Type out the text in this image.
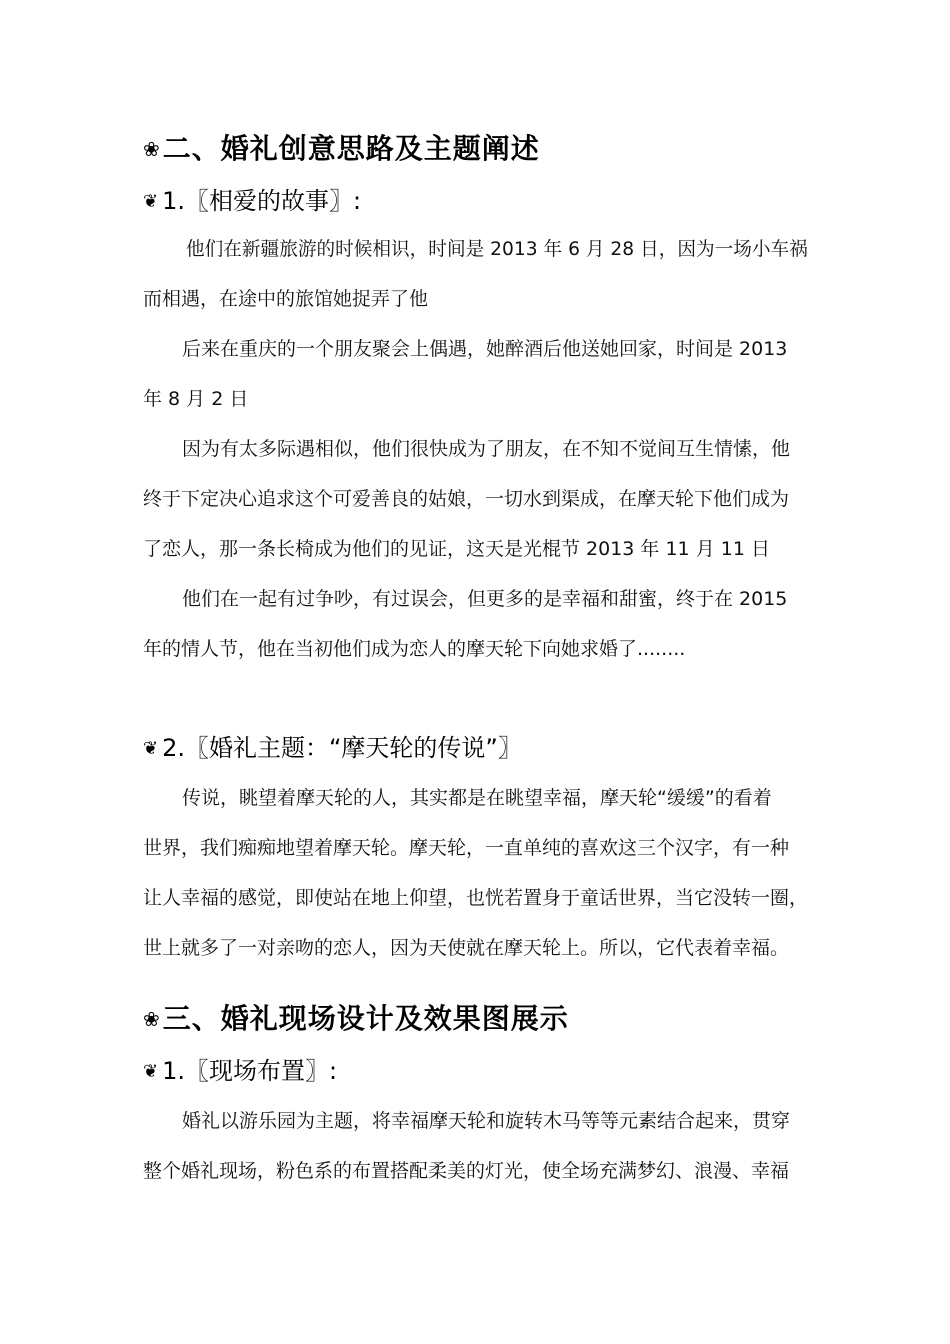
❀二、婚礼创意思路及主题阐述
❦ 1.〖相爱的故事〗:
他们在新疆旅游的时候相识，时间是 2013 年 6 月 28 日，因为一场小车祸
而相遇，在途中的旅馆她捉弄了他
后来在重庆的一个朋友聚会上偶遇，她醉酒后他送她回家，时间是 2013
年 8 月 2 日
因为有太多际遇相似，他们很快成为了朋友，在不知不觉间互生情愫，他
终于下定决心追求这个可爱善良的姑娘，一切水到渠成，在摩天轮下他们成为
了恋人，那一条长椅成为他们的见证，这天是光棍节 2013 年 11 月 11 日
他们在一起有过争吵，有过误会，但更多的是幸福和甜蜜，终于在 2015
年的情人节，他在当初他们成为恋人的摩天轮下向她求婚了........
❦ 2.〖婚礼主题：“摩天轮的传说”〗
传说，眺望着摩天轮的人，其实都是在眺望幸福，摩天轮“缓缓”的看着
世界，我们痴痴地望着摩天轮。摩天轮，一直单纯的喜欢这三个汉字，有一种
让人幸福的感觉，即使站在地上仰望，也恍若置身于童话世界，当它没转一圈，
世上就多了一对亲吻的恋人，因为天使就在摩天轮上。所以，它代表着幸福。
❀三、婚礼现场设计及效果图展示
❦ 1.〖现场布置〗:
婚礼以游乐园为主题，将幸福摩天轮和旋转木马等等元素结合起来，贯穿
整个婚礼现场，粉色系的布置搭配柔美的灯光，使全场充满梦幻、浪漫、幸福
